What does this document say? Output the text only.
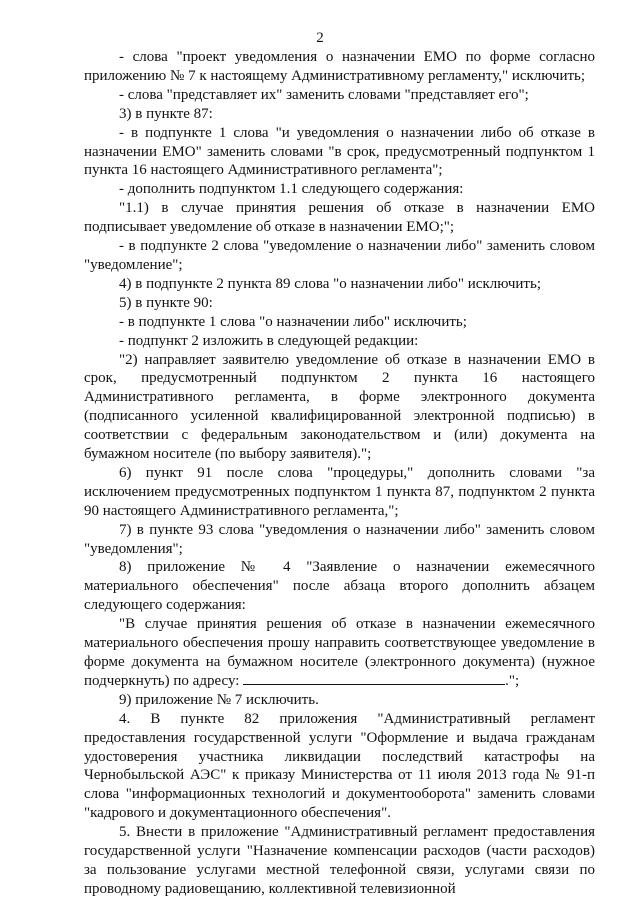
2

- слова "проект уведомления о назначении ЕМО по форме согласно приложению № 7 к настоящему Административному регламенту," исключить;

- слова "представляет их" заменить словами "представляет его";

3) в пункте 87:

- в подпункте 1 слова "и уведомления о назначении либо об отказе в назначении ЕМО" заменить словами "в срок, предусмотренный подпунктом 1 пункта 16 настоящего Административного регламента";

- дополнить подпунктом 1.1 следующего содержания:

"1.1) в случае принятия решения об отказе в назначении ЕМО подписывает уведомление об отказе в назначении ЕМО;";

- в подпункте 2 слова "уведомление о назначении либо" заменить словом "уведомление";

4) в подпункте 2 пункта 89 слова "о назначении либо" исключить;

5) в пункте 90:

- в подпункте 1 слова "о назначении либо" исключить;

- подпункт 2 изложить в следующей редакции:

"2) направляет заявителю уведомление об отказе в назначении ЕМО в срок, предусмотренный подпунктом 2 пункта 16 настоящего Административного регламента, в форме электронного документа (подписанного усиленной квалифицированной электронной подписью) в соответствии с федеральным законодательством и (или) документа на бумажном носителе (по выбору заявителя).";

6) пункт 91 после слова "процедуры," дополнить словами "за исключением предусмотренных подпунктом 1 пункта 87, подпунктом 2 пункта 90 настоящего Административного регламента,";

7) в пункте 93 слова "уведомления о назначении либо" заменить словом "уведомления";

8) приложение № 4 "Заявление о назначении ежемесячного материального обеспечения" после абзаца второго дополнить абзацем следующего содержания:

"В случае принятия решения об отказе в назначении ежемесячного материального обеспечения прошу направить соответствующее уведомление в форме документа на бумажном носителе (электронного документа) (нужное подчеркнуть) по адресу:	.";

9) приложение № 7 исключить.

4. В пункте 82 приложения "Административный регламент предоставления государственной услуги "Оформление и выдача гражданам удостоверения участника ликвидации последствий катастрофы на Чернобыльской АЭС" к приказу Министерства от 11 июля 2013 года № 91-п слова "информационных технологий и документооборота" заменить словами "кадрового и документационного обеспечения".

5. Внести в приложение "Административный регламент предоставления государственной услуги "Назначение компенсации расходов (части расходов) за пользование услугами местной телефонной связи, услугами связи по проводному радиовещанию, коллективной телевизионной
